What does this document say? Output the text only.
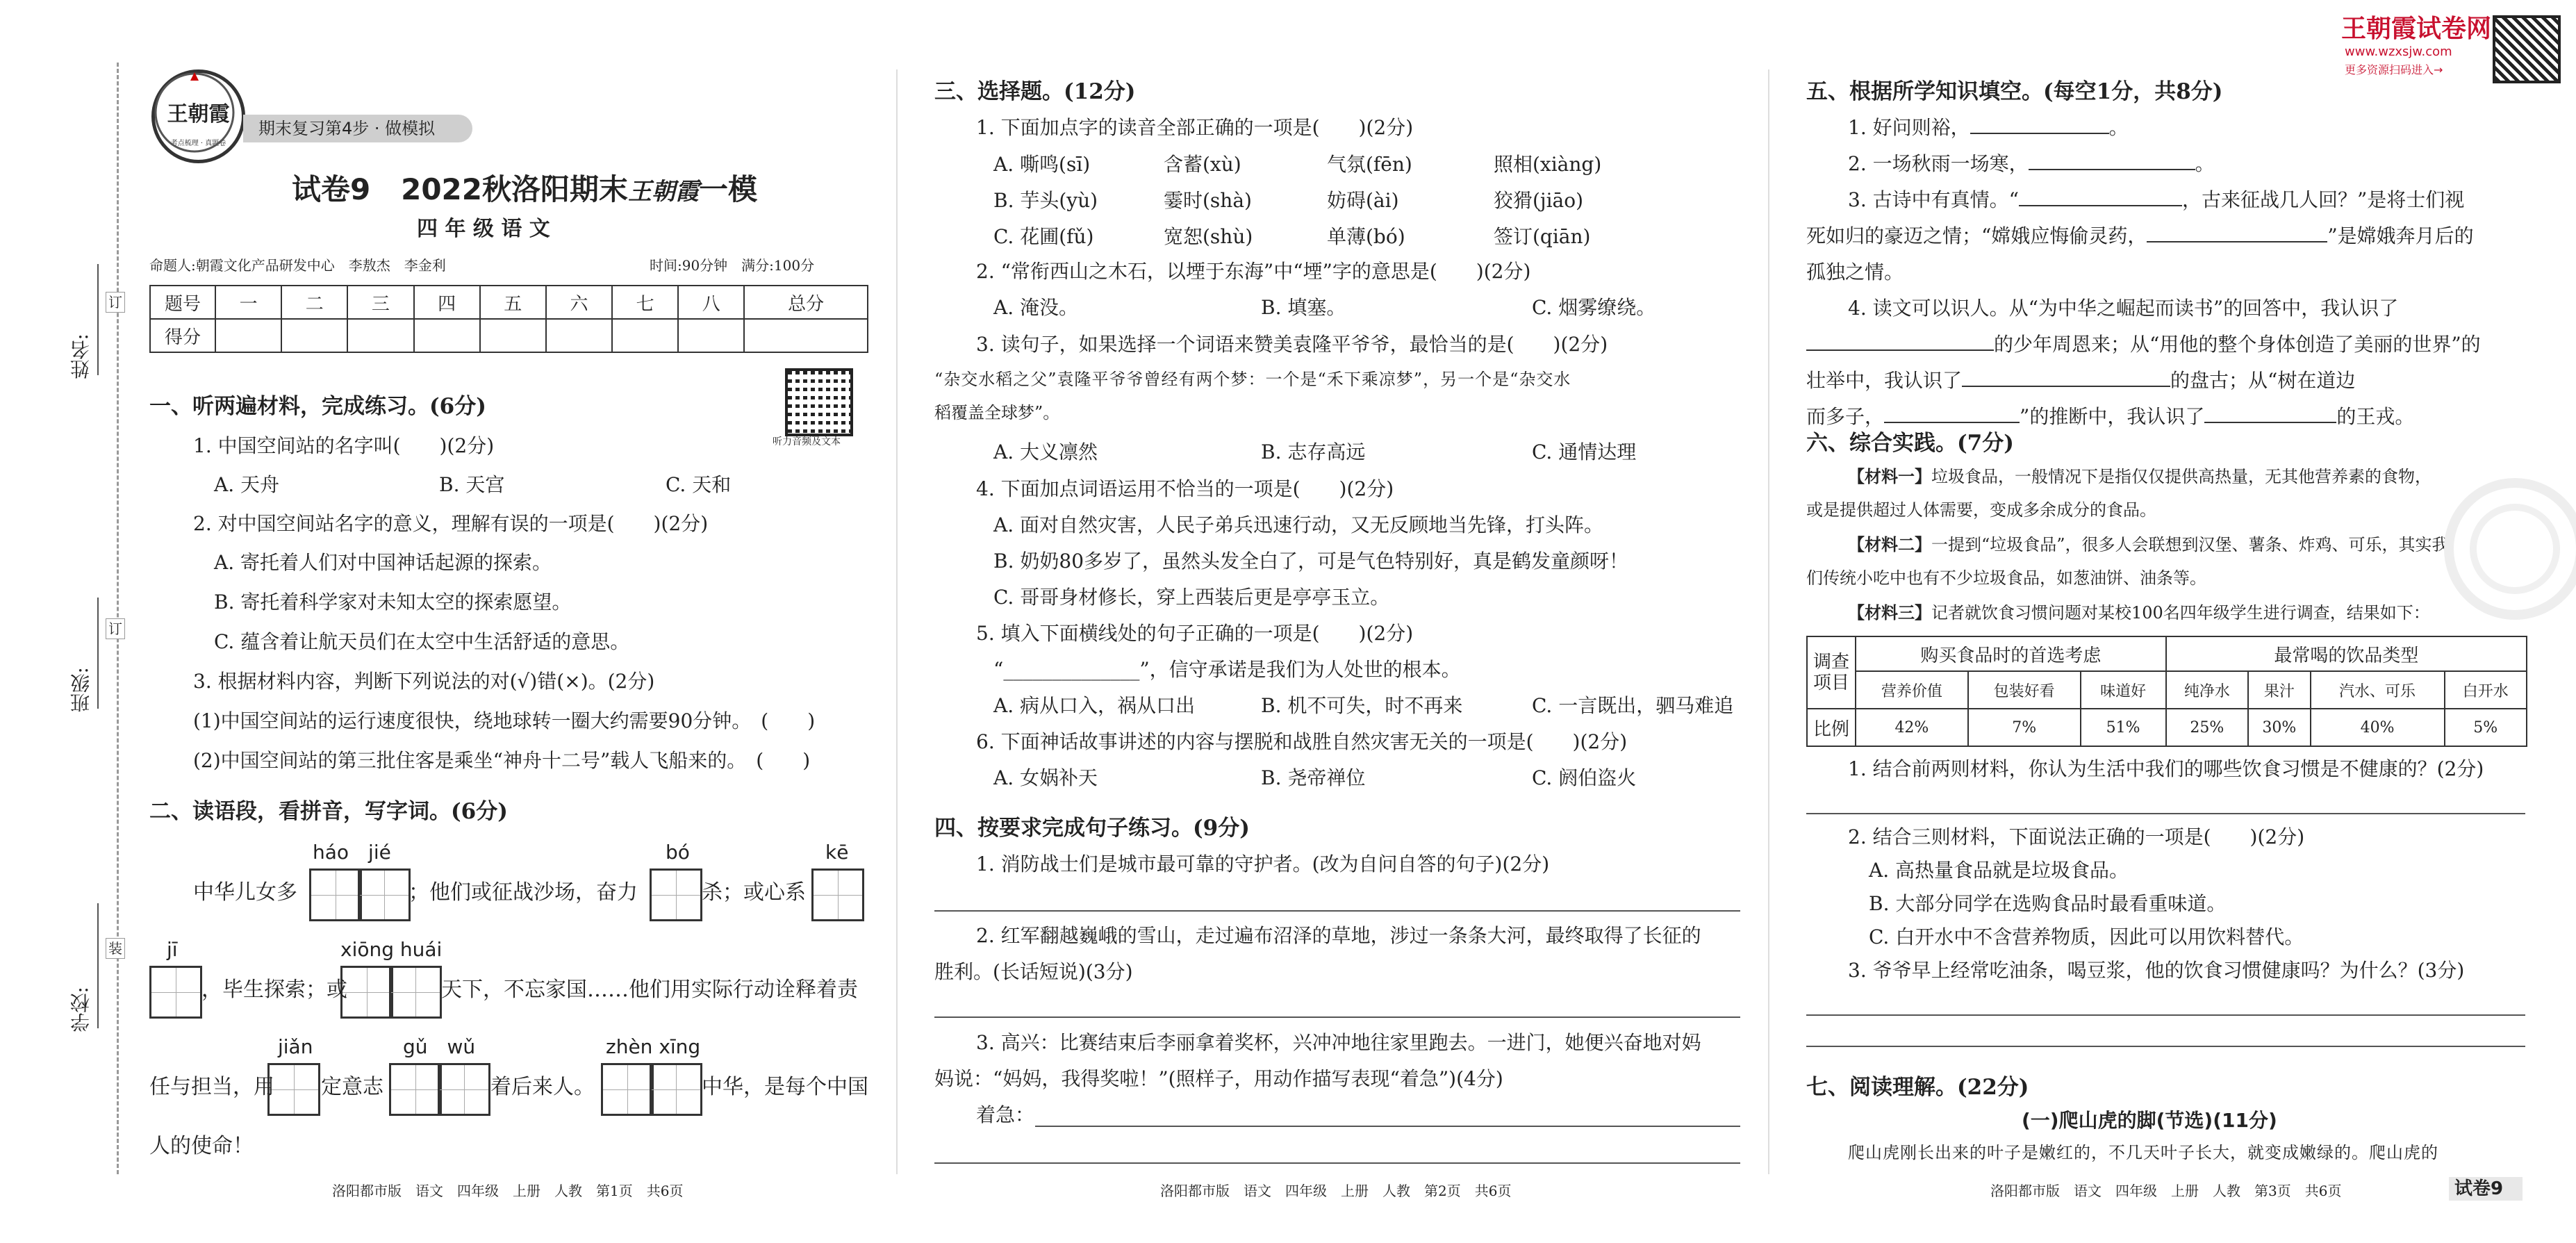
姓名:
班级:
学校:
订
订
装
王朝霞
考点梳理 · 真题卷
期末复习第4步 · 做模拟
试卷9 2022秋洛阳期末王朝霞一模
四 年 级 语 文
命题人:朝霞文化产品研发中心　李敖杰　李金利	时间:90分钟　满分:100分
题号	一	二	三	四	五	六	七	八	总分
得分									
听力音频及文本
一、听两遍材料，完成练习。(6分)
1. 中国空间站的名字叫(　　)(2分)
A. 天舟	B. 天宫	C. 天和
2. 对中国空间站名字的意义，理解有误的一项是(　　)(2分)
A. 寄托着人们对中国神话起源的探索。
B. 寄托着科学家对未知太空的探索愿望。
C. 蕴含着让航天员们在太空中生活舒适的意思。
3. 根据材料内容，判断下列说法的对(√)错(×)。(2分)
(1)中国空间站的运行速度很快，绕地球转一圈大约需要90分钟。　(　　)
(2)中国空间站的第三批住客是乘坐“神舟十二号”载人飞船来的。　(　　)
二、读语段，看拼音，写字词。(6分)
háo　jié	bó	kē
jī	xiōng huái
jiǎn	gǔ　wǔ	zhèn xīng
中华儿女多	；他们或征战沙场，奋力	杀；或心系
，毕生探索；或	天下，不忘家国……他们用实际行动诠释着责
任与担当，用 定意志	着后来人。	中华，是每个中国
人的使命！
洛阳都市版　语文　四年级　上册　人教　第1页　共6页
三、选择题。(12分)
1. 下面加点字的读音全部正确的一项是(　　)(2分)
A. 嘶鸣(sī)	含蓄(xù)	气氛(fēn)	照相(xiàng)
B. 芋头(yù)	霎时(shà)	妨碍(ài)	狡猾(jiāo)
C. 花圃(fǔ)	宽恕(shù)	单薄(bó)	签订(qiān)
2. “常衔西山之木石，以堙于东海”中“堙”字的意思是(　　)(2分)
A. 淹没。	B. 填塞。	C. 烟雾缭绕。
3. 读句子，如果选择一个词语来赞美袁隆平爷爷，最恰当的是(　　)(2分)
“杂交水稻之父”袁隆平爷爷曾经有两个梦：一个是“禾下乘凉梦”，另一个是“杂交水
稻覆盖全球梦”。
A. 大义凛然	B. 志存高远	C. 通情达理
4. 下面加点词语运用不恰当的一项是(　　)(2分)
A. 面对自然灾害，人民子弟兵迅速行动，又无反顾地当先锋，打头阵。
B. 奶奶80多岁了，虽然头发全白了，可是气色特别好，真是鹤发童颜呀！
C. 哥哥身材修长，穿上西装后更是亭亭玉立。
5. 填入下面横线处的句子正确的一项是(　　)(2分)
“______________”，信守承诺是我们为人处世的根本。
A. 病从口入，祸从口出	B. 机不可失，时不再来	C. 一言既出，驷马难追
6. 下面神话故事讲述的内容与摆脱和战胜自然灾害无关的一项是(　　)(2分)
A. 女娲补天	B. 尧帝禅位	C. 阏伯盗火
四、按要求完成句子练习。(9分)
1. 消防战士们是城市最可靠的守护者。(改为自问自答的句子)(2分)
2. 红军翻越巍峨的雪山，走过遍布沼泽的草地，涉过一条条大河，最终取得了长征的
胜利。(长话短说)(3分)
3. 高兴：比赛结束后李丽拿着奖杯，兴冲冲地往家里跑去。一进门，她便兴奋地对妈
妈说：“妈妈，我得奖啦！”(照样子，用动作描写表现“着急”)(4分)
着急：
洛阳都市版　语文　四年级　上册　人教　第2页　共6页
王朝霞试卷网
www.wzxsjw.com
更多资源扫码进入→
五、根据所学知识填空。(每空1分，共8分)
1. 好问则裕，	。
2. 一场秋雨一场寒，	。
3. 古诗中有真情。“	，古来征战几人回？”是将士们视
死如归的豪迈之情；“嫦娥应悔偷灵药，	”是嫦娥奔月后的
孤独之情。
4. 读文可以识人。从“为中华之崛起而读书”的回答中，我认识了
的少年周恩来；从“用他的整个身体创造了美丽的世界”的
壮举中，我认识了	的盘古；从“树在道边
而多子，	”的推断中，我认识了	的王戎。
六、综合实践。(7分)
【材料一】垃圾食品，一般情况下是指仅仅提供高热量，无其他营养素的食物，
或是提供超过人体需要，变成多余成分的食品。
【材料二】一提到“垃圾食品”，很多人会联想到汉堡、薯条、炸鸡、可乐，其实我
们传统小吃中也有不少垃圾食品，如葱油饼、油条等。
【材料三】记者就饮食习惯问题对某校100名四年级学生进行调查，结果如下：
调查项目	购买食品时的首选考虑			最常喝的饮品类型			
	营养价值	包装好看	味道好	纯净水	果汁	汽水、可乐	白开水
比例	42%	7%	51%	25%	30%	40%	5%
1. 结合前两则材料，你认为生活中我们的哪些饮食习惯是不健康的？(2分)
2. 结合三则材料，下面说法正确的一项是(　　)(2分)
A. 高热量食品就是垃圾食品。
B. 大部分同学在选购食品时最看重味道。
C. 白开水中不含营养物质，因此可以用饮料替代。
3. 爷爷早上经常吃油条，喝豆浆，他的饮食习惯健康吗？为什么？(3分)
七、阅读理解。(22分)
(一)爬山虎的脚(节选)(11分)
爬山虎刚长出来的叶子是嫩红的，不几天叶子长大，就变成嫩绿的。爬山虎的
洛阳都市版　语文　四年级　上册　人教　第3页　共6页	试卷9
